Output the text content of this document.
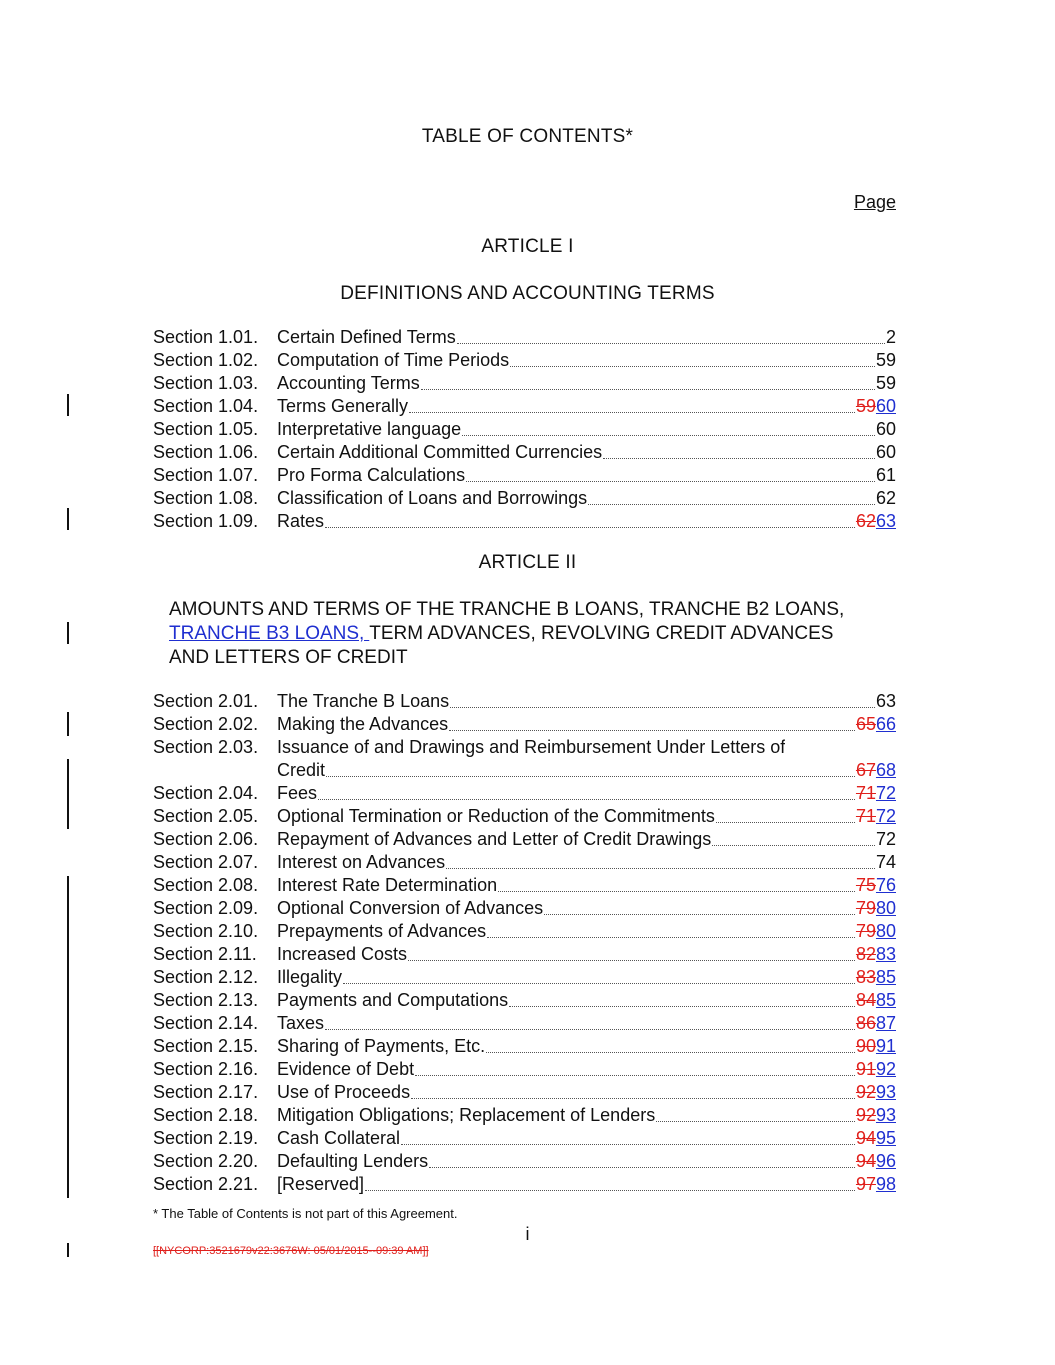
TABLE OF CONTENTS*
Page
ARTICLE I
DEFINITIONS AND ACCOUNTING TERMS
Section 1.01.	Certain Defined Terms	2
Section 1.02.	Computation of Time Periods	59
Section 1.03.	Accounting Terms	59
Section 1.04.	Terms Generally	5960
Section 1.05.	Interpretative language	60
Section 1.06.	Certain Additional Committed Currencies	60
Section 1.07.	Pro Forma Calculations	61
Section 1.08.	Classification of Loans and Borrowings	62
Section 1.09.	Rates	6263
ARTICLE II
AMOUNTS AND TERMS OF THE TRANCHE B LOANS, TRANCHE B2 LOANS,
TRANCHE B3 LOANS, TERM ADVANCES, REVOLVING CREDIT ADVANCES
AND LETTERS OF CREDIT
Section 2.01.	The Tranche B Loans	63
Section 2.02.	Making the Advances	6566
Section 2.03.	Issuance of and Drawings and Reimbursement Under Letters of
Credit	6768
Section 2.04.	Fees	7172
Section 2.05.	Optional Termination or Reduction of the Commitments	7172
Section 2.06.	Repayment of Advances and Letter of Credit Drawings	72
Section 2.07.	Interest on Advances	74
Section 2.08.	Interest Rate Determination	7576
Section 2.09.	Optional Conversion of Advances	7980
Section 2.10.	Prepayments of Advances	7980
Section 2.11.	Increased Costs	8283
Section 2.12.	Illegality	8385
Section 2.13.	Payments and Computations	8485
Section 2.14.	Taxes	8687
Section 2.15.	Sharing of Payments, Etc.	9091
Section 2.16.	Evidence of Debt	9192
Section 2.17.	Use of Proceeds	9293
Section 2.18.	Mitigation Obligations; Replacement of Lenders	9293
Section 2.19.	Cash Collateral	9495
Section 2.20.	Defaulting Lenders	9496
Section 2.21.	[Reserved]	9798
* The Table of Contents is not part of this Agreement.
i
[[NYCORP:3521679v22:3676W: 05/01/2015--09:39 AM]]
